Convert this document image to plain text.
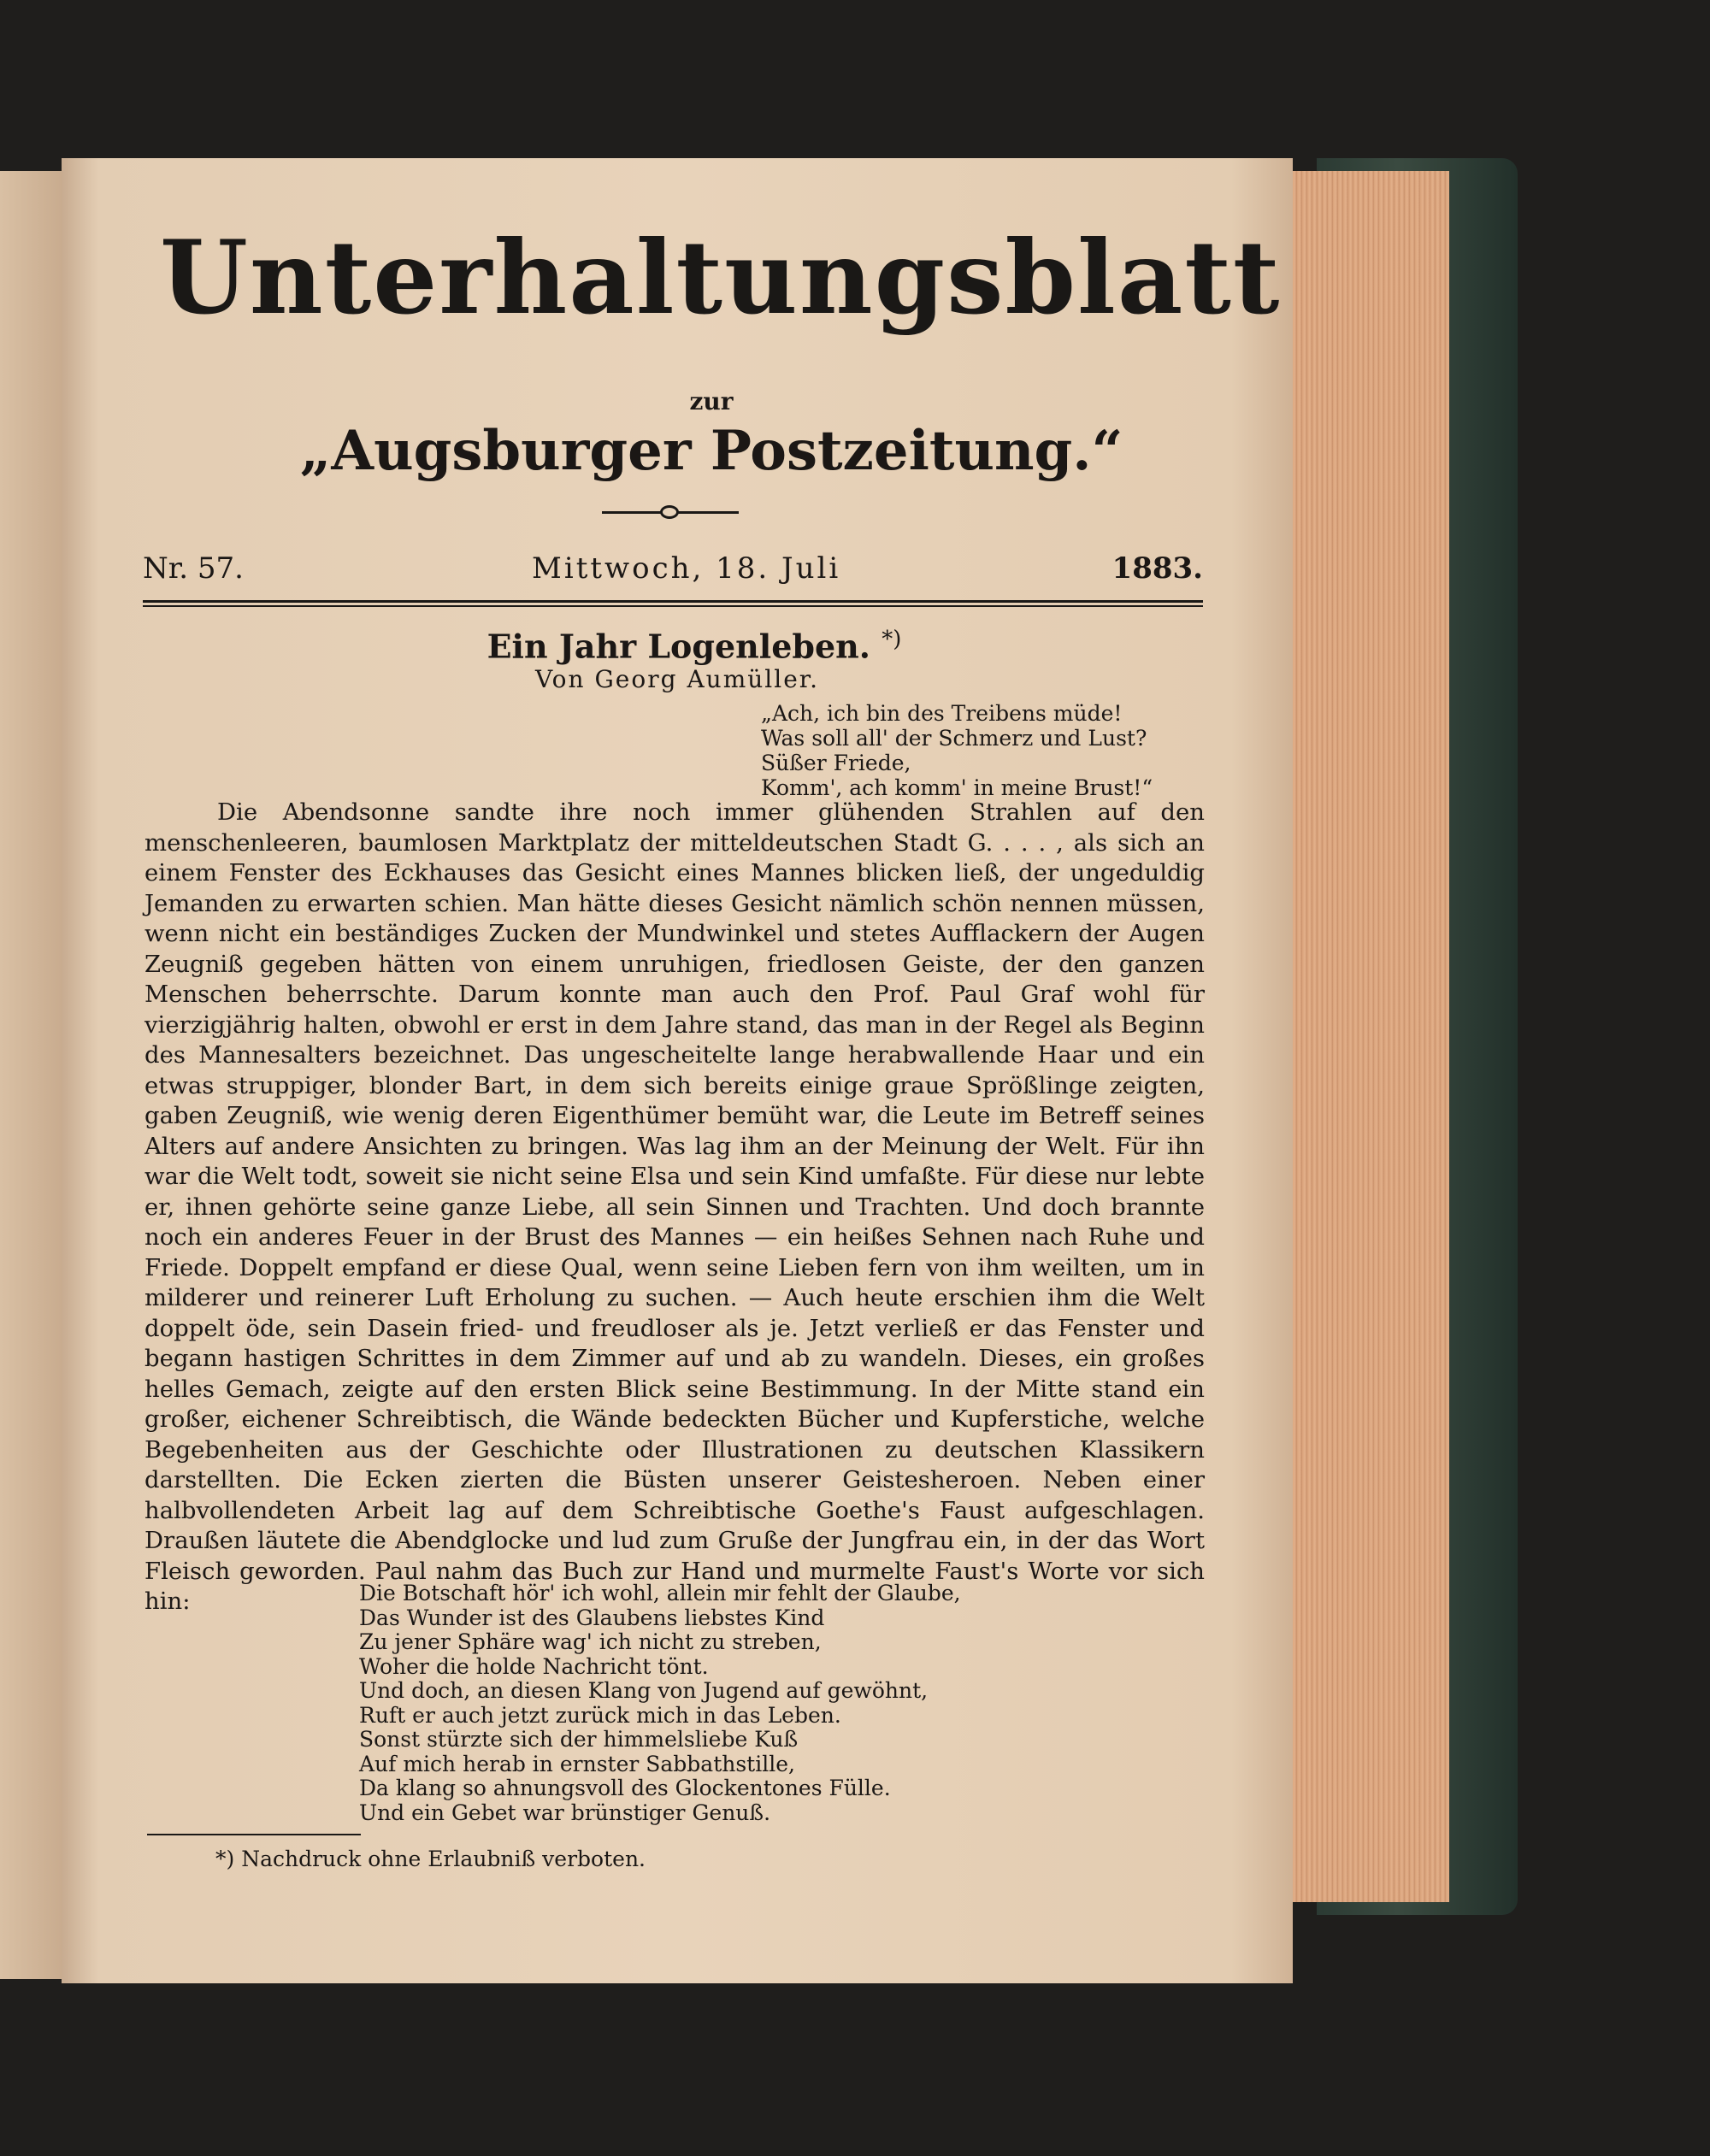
Unterhaltungsblatt
zur
„Augsburger Postzeitung.“
Nr. 57.	Mittwoch, 18. Juli	1883.
Ein Jahr Logenleben. *)
Von Georg Aumüller.
„Ach, ich bin des Treibens müde!
Was soll all' der Schmerz und Lust?
Süßer Friede,
Komm', ach komm' in meine Brust!“
Die Abendsonne sandte ihre noch immer glühenden Strahlen auf den menschenleeren, baumlosen Marktplatz der mitteldeutschen Stadt G. . . . , als sich an einem Fenster des Eckhauses das Gesicht eines Mannes blicken ließ, der ungeduldig Jemanden zu erwarten schien. Man hätte dieses Gesicht nämlich schön nennen müssen, wenn nicht ein beständiges Zucken der Mundwinkel und stetes Aufflackern der Augen Zeugniß gegeben hätten von einem unruhigen, friedlosen Geiste, der den ganzen Menschen beherrschte. Darum konnte man auch den Prof. Paul Graf wohl für vierzigjährig halten, obwohl er erst in dem Jahre stand, das man in der Regel als Beginn des Mannesalters bezeichnet. Das ungescheitelte lange herabwallende Haar und ein etwas struppiger, blonder Bart, in dem sich bereits einige graue Sprößlinge zeigten, gaben Zeugniß, wie wenig deren Eigenthümer bemüht war, die Leute im Betreff seines Alters auf andere Ansichten zu bringen. Was lag ihm an der Meinung der Welt. Für ihn war die Welt todt, soweit sie nicht seine Elsa und sein Kind umfaßte. Für diese nur lebte er, ihnen gehörte seine ganze Liebe, all sein Sinnen und Trachten. Und doch brannte noch ein anderes Feuer in der Brust des Mannes — ein heißes Sehnen nach Ruhe und Friede. Doppelt empfand er diese Qual, wenn seine Lieben fern von ihm weilten, um in milderer und reinerer Luft Erholung zu suchen. — Auch heute erschien ihm die Welt doppelt öde, sein Dasein fried- und freudloser als je. Jetzt verließ er das Fenster und begann hastigen Schrittes in dem Zimmer auf und ab zu wandeln. Dieses, ein großes helles Gemach, zeigte auf den ersten Blick seine Bestimmung. In der Mitte stand ein großer, eichener Schreibtisch, die Wände bedeckten Bücher und Kupferstiche, welche Begebenheiten aus der Geschichte oder Illustrationen zu deutschen Klassikern darstellten. Die Ecken zierten die Büsten unserer Geistesheroen. Neben einer halbvollendeten Arbeit lag auf dem Schreibtische Goethe's Faust aufgeschlagen. Draußen läutete die Abendglocke und lud zum Gruße der Jungfrau ein, in der das Wort Fleisch geworden. Paul nahm das Buch zur Hand und murmelte Faust's Worte vor sich hin:	Die Botschaft hör' ich wohl, allein mir fehlt der Glaube,
Das Wunder ist des Glaubens liebstes Kind
Zu jener Sphäre wag' ich nicht zu streben,
Woher die holde Nachricht tönt.
Und doch, an diesen Klang von Jugend auf gewöhnt,
Ruft er auch jetzt zurück mich in das Leben.
Sonst stürzte sich der himmelsliebe Kuß
Auf mich herab in ernster Sabbathstille,
Da klang so ahnungsvoll des Glockentones Fülle.
Und ein Gebet war brünstiger Genuß.
*) Nachdruck ohne Erlaubniß verboten.
